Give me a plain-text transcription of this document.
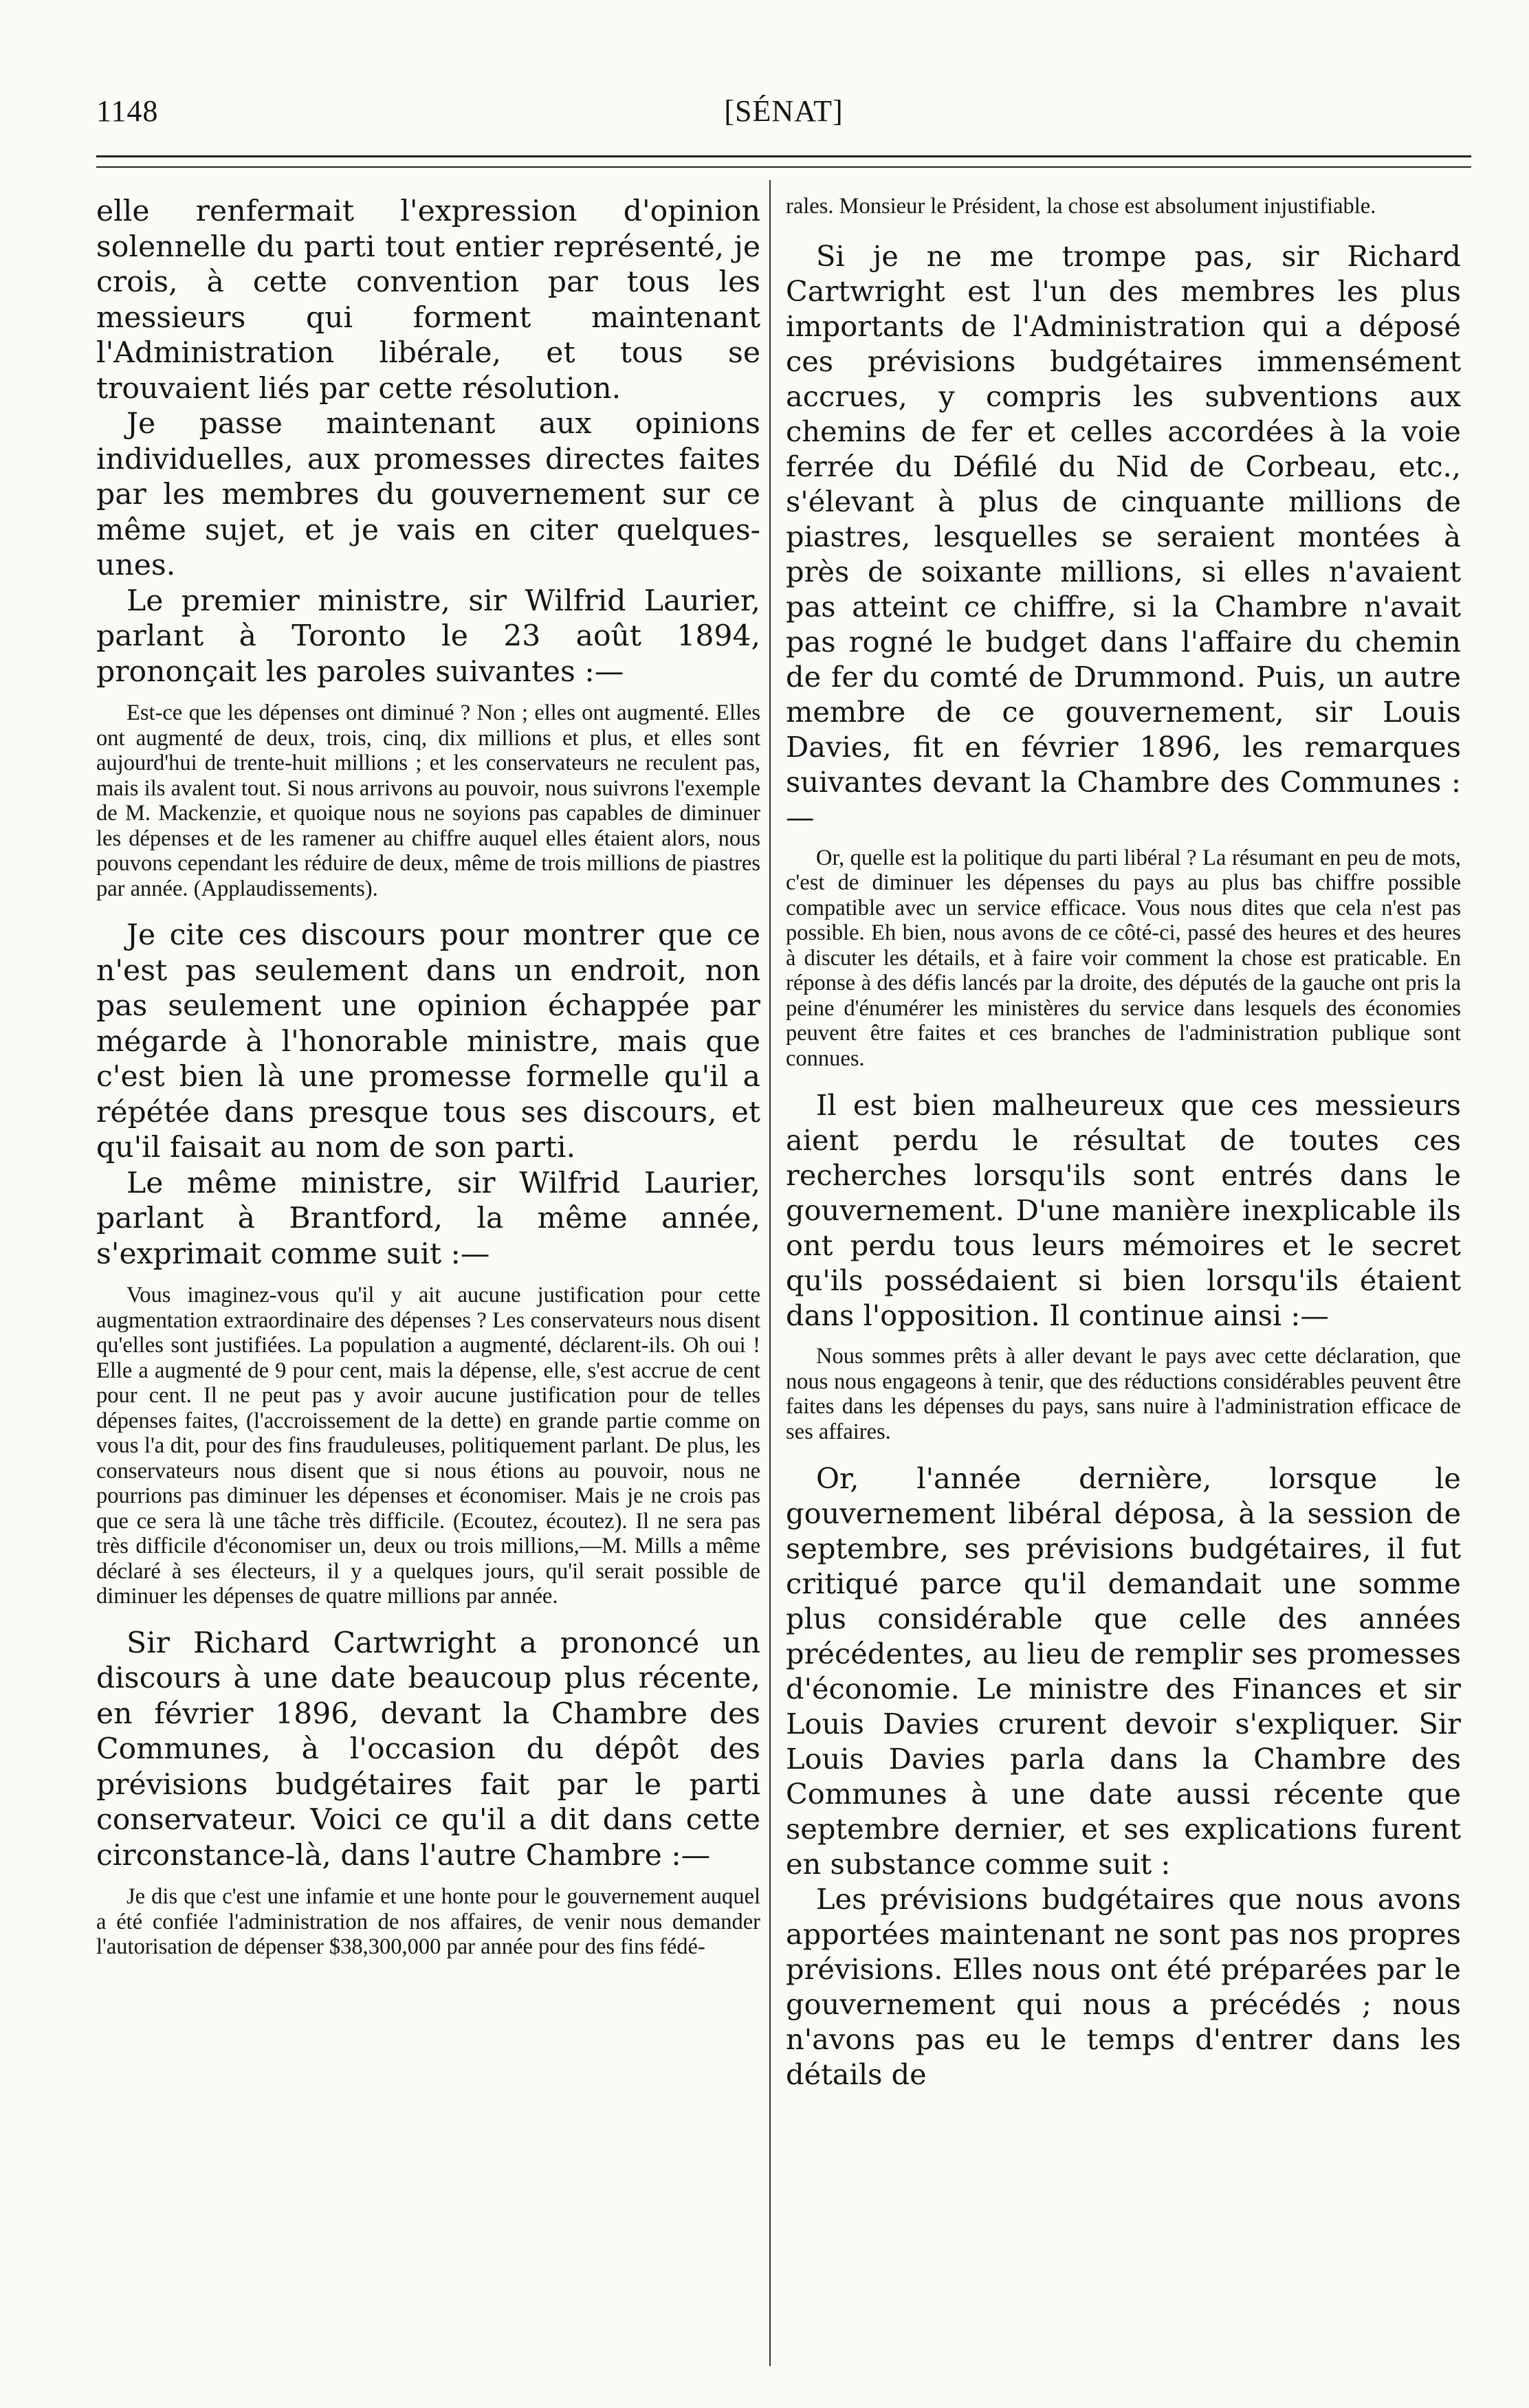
1148	[SÉNAT]

elle renfermait l'expression d'opinion solennelle du parti tout entier représenté, je crois, à cette convention par tous les messieurs qui forment maintenant l'Administration libérale, et tous se trouvaient liés par cette résolution.

Je passe maintenant aux opinions individuelles, aux promesses directes faites par les membres du gouvernement sur ce même sujet, et je vais en citer quelques-unes.

Le premier ministre, sir Wilfrid Laurier, parlant à Toronto le 23 août 1894, prononçait les paroles suivantes :—

Est-ce que les dépenses ont diminué ? Non ; elles ont augmenté. Elles ont augmenté de deux, trois, cinq, dix millions et plus, et elles sont aujourd'hui de trente-huit millions ; et les conservateurs ne reculent pas, mais ils avalent tout. Si nous arrivons au pouvoir, nous suivrons l'exemple de M. Mackenzie, et quoique nous ne soyions pas capables de diminuer les dépenses et de les ramener au chiffre auquel elles étaient alors, nous pouvons cependant les réduire de deux, même de trois millions de piastres par année. (Applaudissements).

Je cite ces discours pour montrer que ce n'est pas seulement dans un endroit, non pas seulement une opinion échappée par mégarde à l'honorable ministre, mais que c'est bien là une promesse formelle qu'il a répétée dans presque tous ses discours, et qu'il faisait au nom de son parti.

Le même ministre, sir Wilfrid Laurier, parlant à Brantford, la même année, s'exprimait comme suit :—

Vous imaginez-vous qu'il y ait aucune justification pour cette augmentation extraordinaire des dépenses ? Les conservateurs nous disent qu'elles sont justifiées. La population a augmenté, déclarent-ils. Oh oui ! Elle a augmenté de 9 pour cent, mais la dépense, elle, s'est accrue de cent pour cent. Il ne peut pas y avoir aucune justification pour de telles dépenses faites, (l'accroissement de la dette) en grande partie comme on vous l'a dit, pour des fins frauduleuses, politiquement parlant. De plus, les conservateurs nous disent que si nous étions au pouvoir, nous ne pourrions pas diminuer les dépenses et économiser. Mais je ne crois pas que ce sera là une tâche très difficile. (Ecoutez, écoutez). Il ne sera pas très difficile d'économiser un, deux ou trois millions,—M. Mills a même déclaré à ses électeurs, il y a quelques jours, qu'il serait possible de diminuer les dépenses de quatre millions par année.

Sir Richard Cartwright a prononcé un discours à une date beaucoup plus récente, en février 1896, devant la Chambre des Communes, à l'occasion du dépôt des prévisions budgétaires fait par le parti conservateur. Voici ce qu'il a dit dans cette circonstance-là, dans l'autre Chambre :—

Je dis que c'est une infamie et une honte pour le gouvernement auquel a été confiée l'administration de nos affaires, de venir nous demander l'autorisation de dépenser $38,300,000 par année pour des fins fédé-

rales. Monsieur le Président, la chose est absolument injustifiable.

Si je ne me trompe pas, sir Richard Cartwright est l'un des membres les plus importants de l'Administration qui a déposé ces prévisions budgétaires immensément accrues, y compris les subventions aux chemins de fer et celles accordées à la voie ferrée du Défilé du Nid de Corbeau, etc., s'élevant à plus de cinquante millions de piastres, lesquelles se seraient montées à près de soixante millions, si elles n'avaient pas atteint ce chiffre, si la Chambre n'avait pas rogné le budget dans l'affaire du chemin de fer du comté de Drummond. Puis, un autre membre de ce gouvernement, sir Louis Davies, fit en février 1896, les remarques suivantes devant la Chambre des Communes :—

Or, quelle est la politique du parti libéral ? La résumant en peu de mots, c'est de diminuer les dépenses du pays au plus bas chiffre possible compatible avec un service efficace. Vous nous dites que cela n'est pas possible. Eh bien, nous avons de ce côté-ci, passé des heures et des heures à discuter les détails, et à faire voir comment la chose est praticable. En réponse à des défis lancés par la droite, des députés de la gauche ont pris la peine d'énumérer les ministères du service dans lesquels des économies peuvent être faites et ces branches de l'administration publique sont connues.

Il est bien malheureux que ces messieurs aient perdu le résultat de toutes ces recherches lorsqu'ils sont entrés dans le gouvernement. D'une manière inexplicable ils ont perdu tous leurs mémoires et le secret qu'ils possédaient si bien lorsqu'ils étaient dans l'opposition. Il continue ainsi :—

Nous sommes prêts à aller devant le pays avec cette déclaration, que nous nous engageons à tenir, que des réductions considérables peuvent être faites dans les dépenses du pays, sans nuire à l'administration efficace de ses affaires.

Or, l'année dernière, lorsque le gouvernement libéral déposa, à la session de septembre, ses prévisions budgétaires, il fut critiqué parce qu'il demandait une somme plus considérable que celle des années précédentes, au lieu de remplir ses promesses d'économie. Le ministre des Finances et sir Louis Davies crurent devoir s'expliquer. Sir Louis Davies parla dans la Chambre des Communes à une date aussi récente que septembre dernier, et ses explications furent en substance comme suit :

Les prévisions budgétaires que nous avons apportées maintenant ne sont pas nos propres prévisions. Elles nous ont été préparées par le gouvernement qui nous a précédés ; nous n'avons pas eu le temps d'entrer dans les détails de
